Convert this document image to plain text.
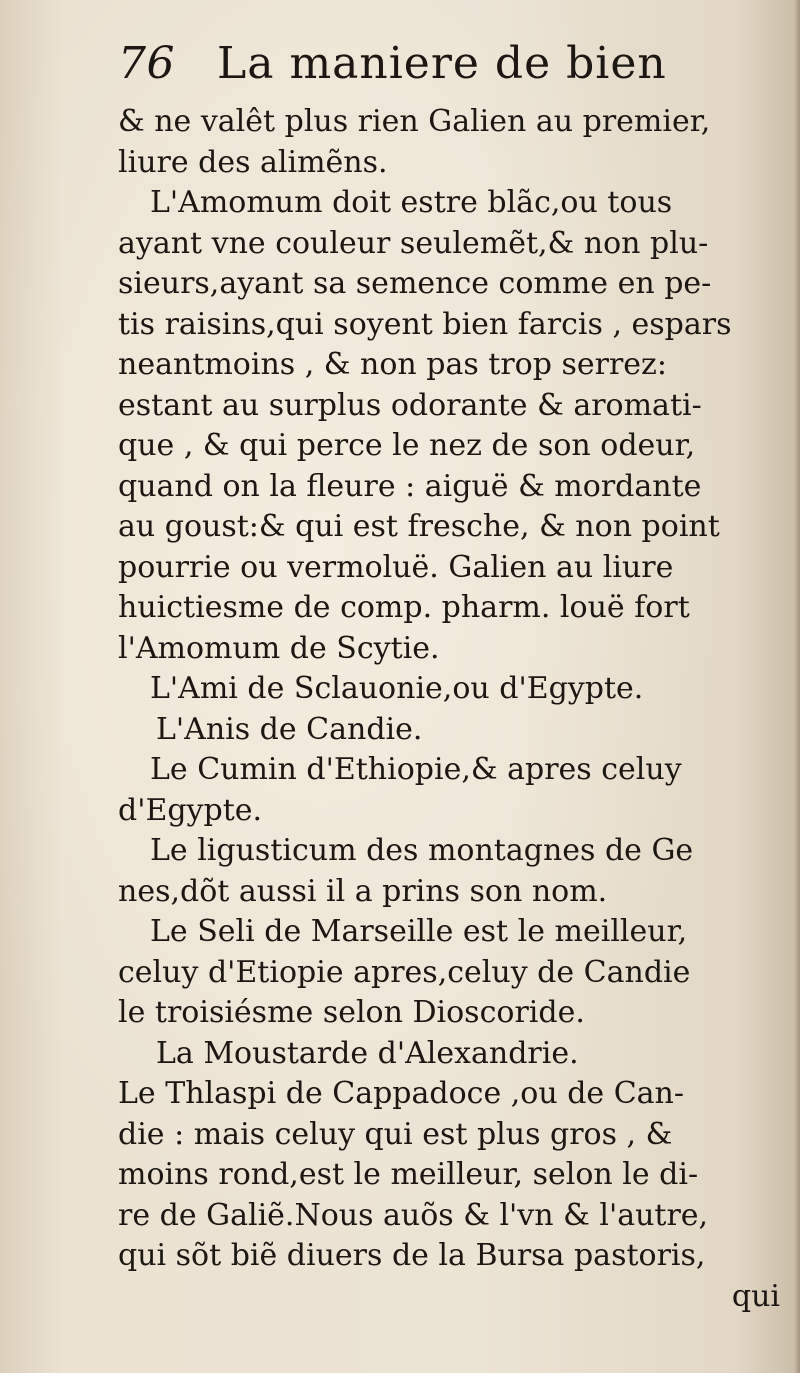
76 La maniere de bien
& ne valêt plus rien Galien au premier,
liure des alimẽns.
L'Amomum doit estre blãc,ou tous
ayant vne couleur seulemẽt,& non plu-
sieurs,ayant sa semence comme en pe-
tis raisins,qui soyent bien farcis , espars
neantmoins , & non pas trop serrez:
estant au surplus odorante & aromati-
que , & qui perce le nez de son odeur,
quand on la fleure : aiguë & mordante
au goust:& qui est fresche, & non point
pourrie ou vermoluë. Galien au liure
huictiesme de comp. pharm. louë fort
l'Amomum de Scytie.
L'Ami de Sclauonie,ou d'Egypte.
L'Anis de Candie.
Le Cumin d'Ethiopie,& apres celuy
d'Egypte.
Le ligusticum des montagnes de Ge
nes,dõt aussi il a prins son nom.
Le Seli de Marseille est le meilleur,
celuy d'Etiopie apres,celuy de Candie
le troisiésme selon Dioscoride.
La Moustarde d'Alexandrie.
Le Thlaspi de Cappadoce ,ou de Can-
die : mais celuy qui est plus gros , &
moins rond,est le meilleur, selon le di-
re de Galiẽ.Nous auõs & l'vn & l'autre,
qui sõt biẽ diuers de la Bursa pastoris,
qui
